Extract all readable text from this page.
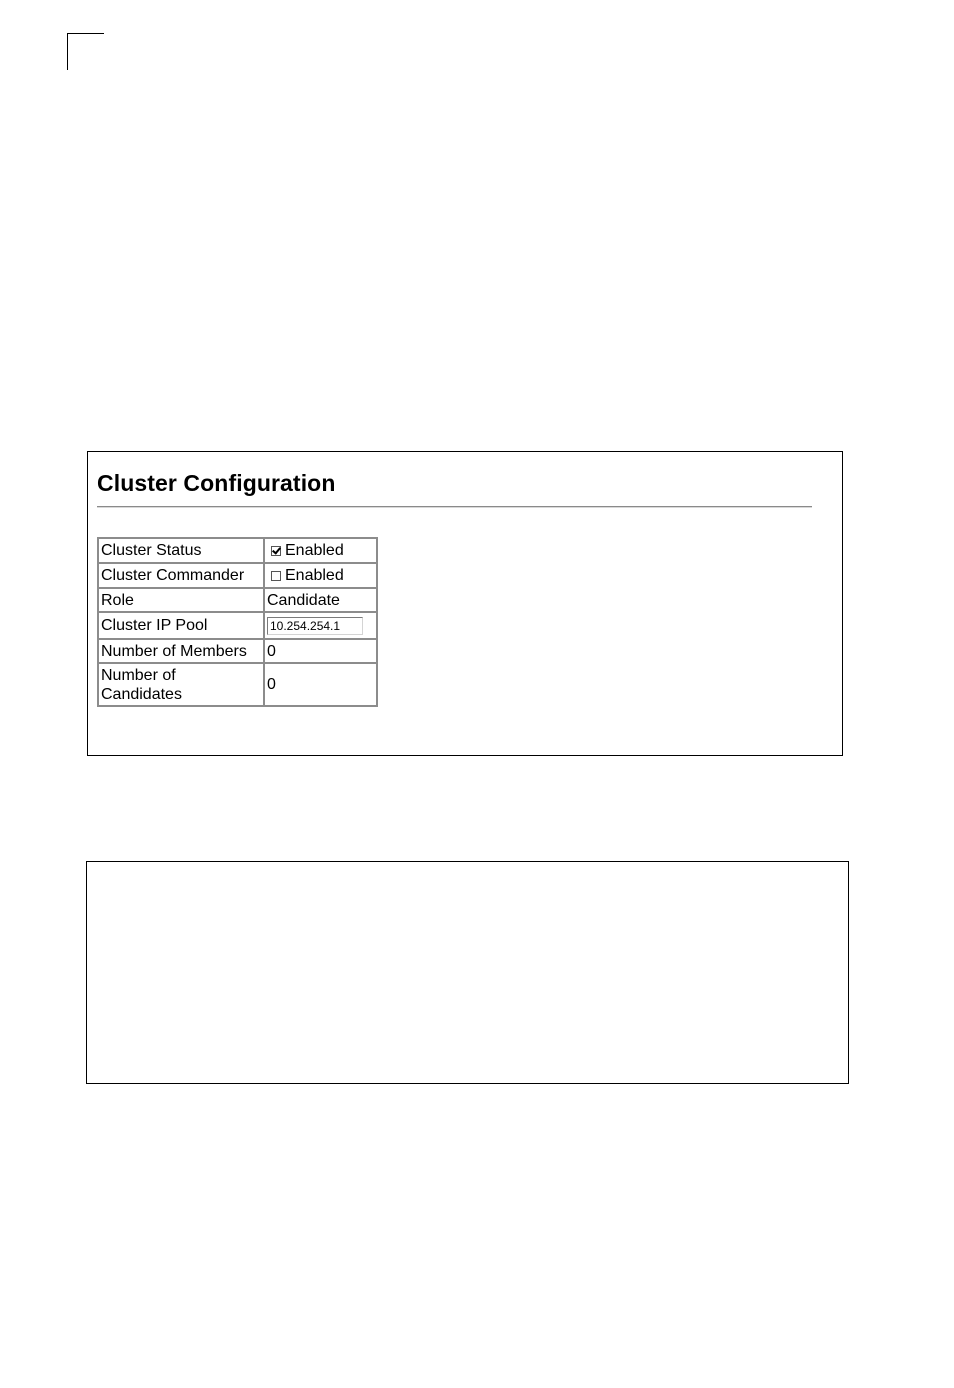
Cluster Configuration
Cluster Status	Enabled
Cluster Commander	Enabled
Role	Candidate
Cluster IP Pool	10.254.254.1
Number of Members	0
Number of Candidates	0
